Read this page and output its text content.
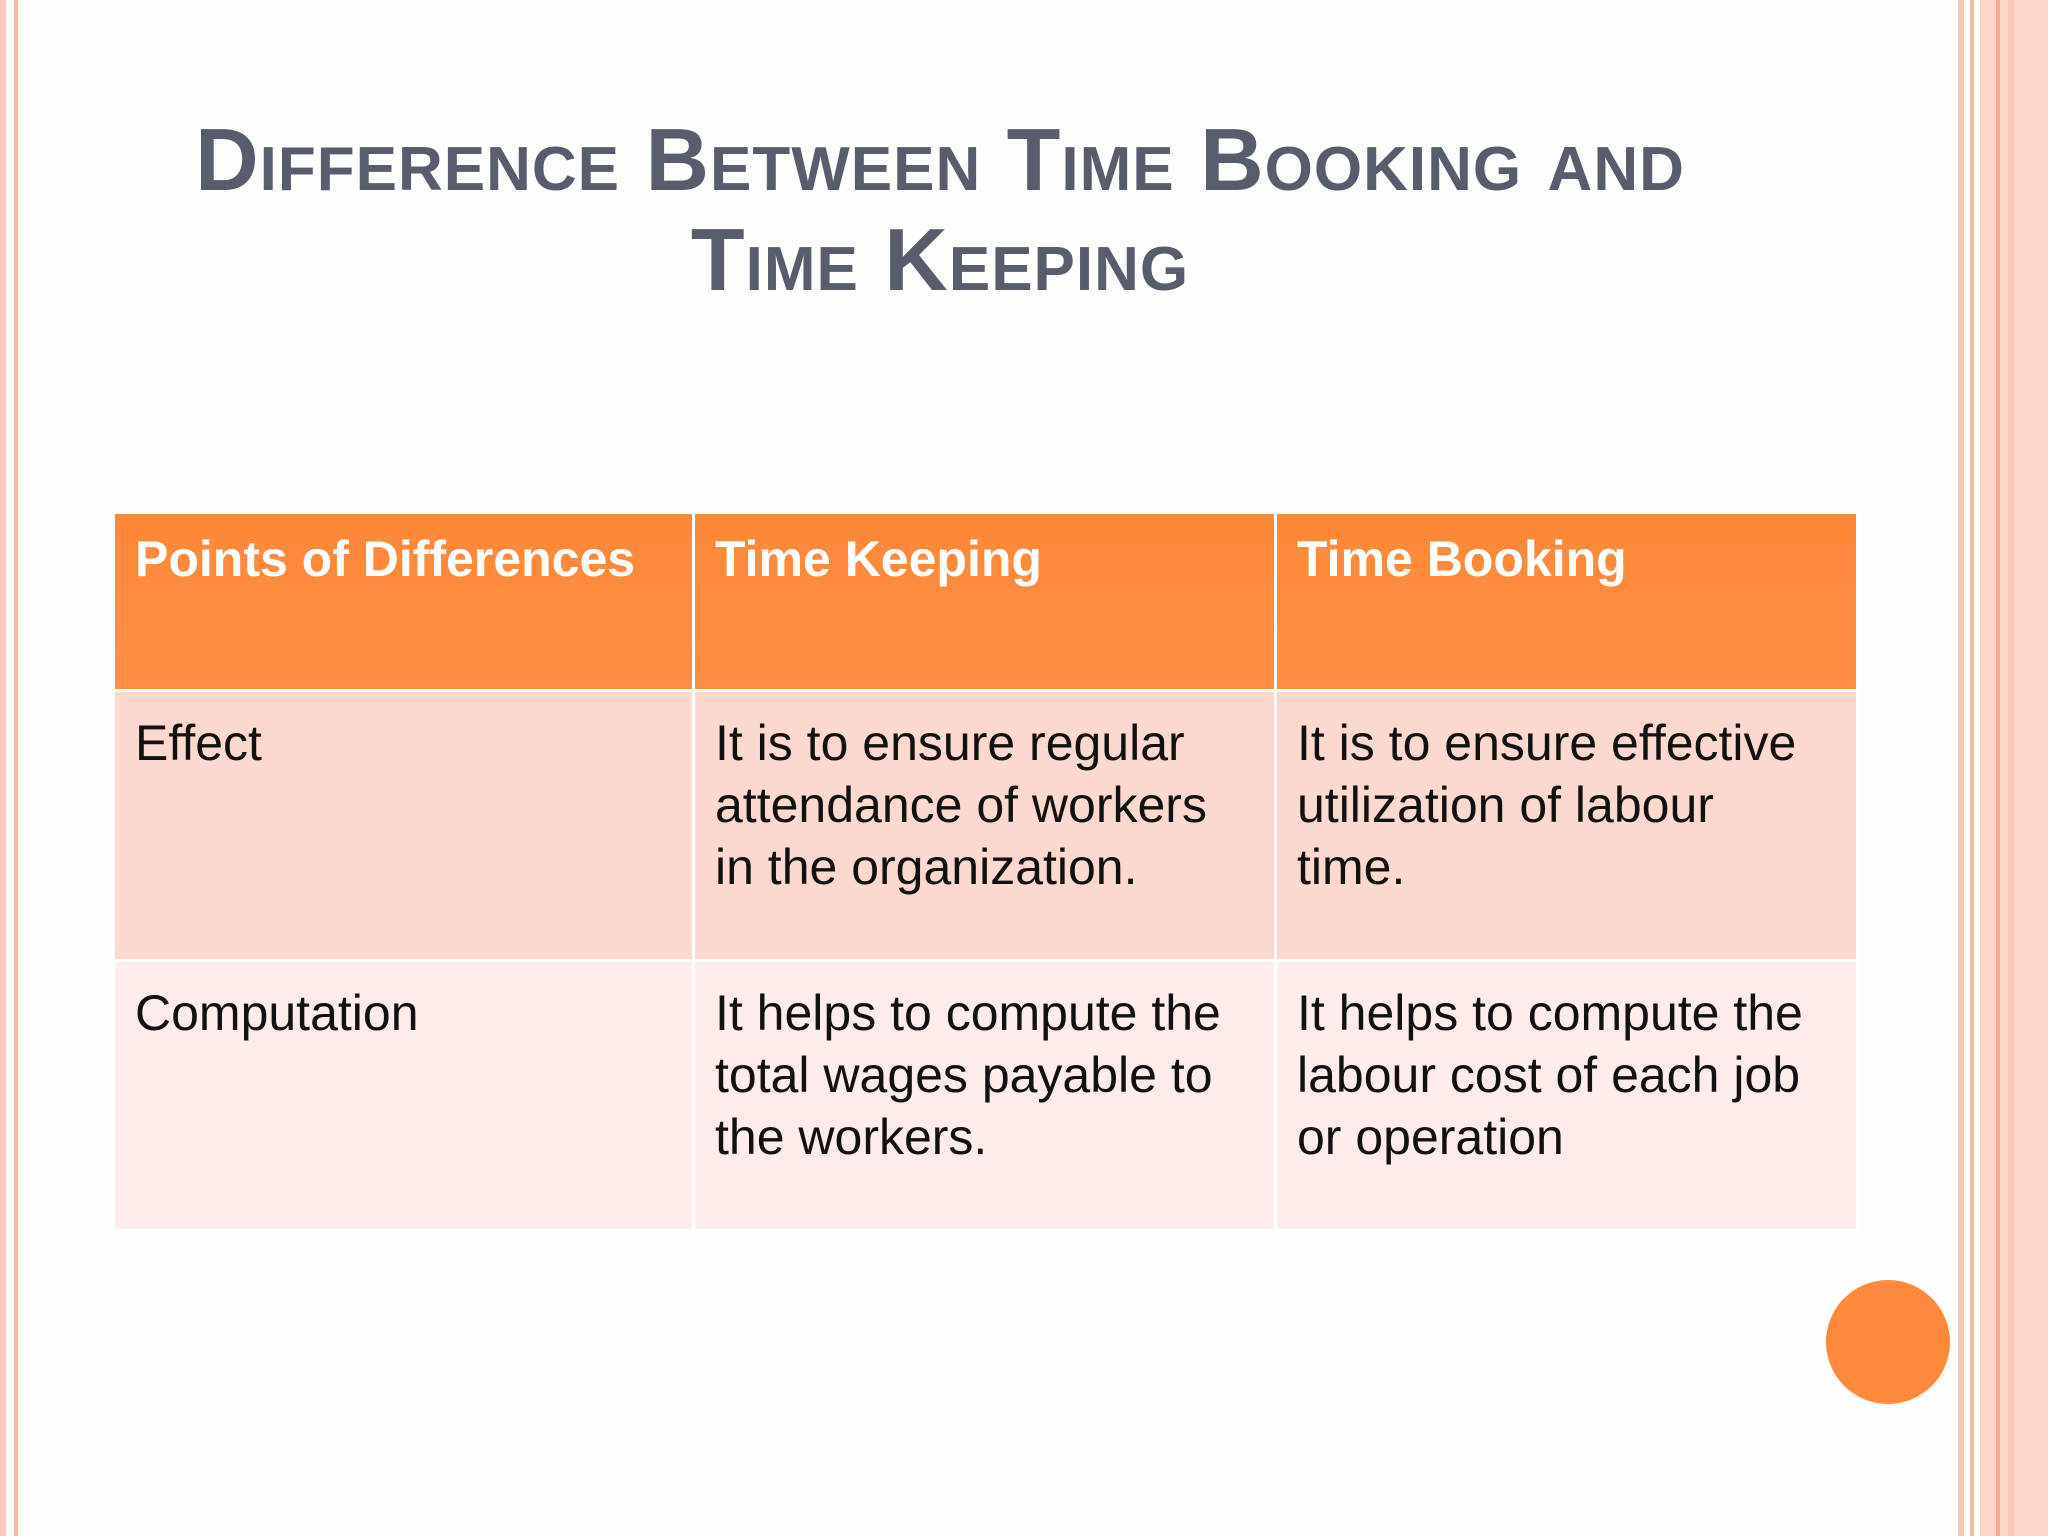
Difference Between Time Booking and
Time Keeping
Points of Differences	Time Keeping	Time Booking
Effect	It is to ensure regular attendance of workers in the organization.	It is to ensure effective utilization of labour time.
Computation	It helps to compute the total wages payable to the workers.	It helps to compute the labour cost of each job or operation
